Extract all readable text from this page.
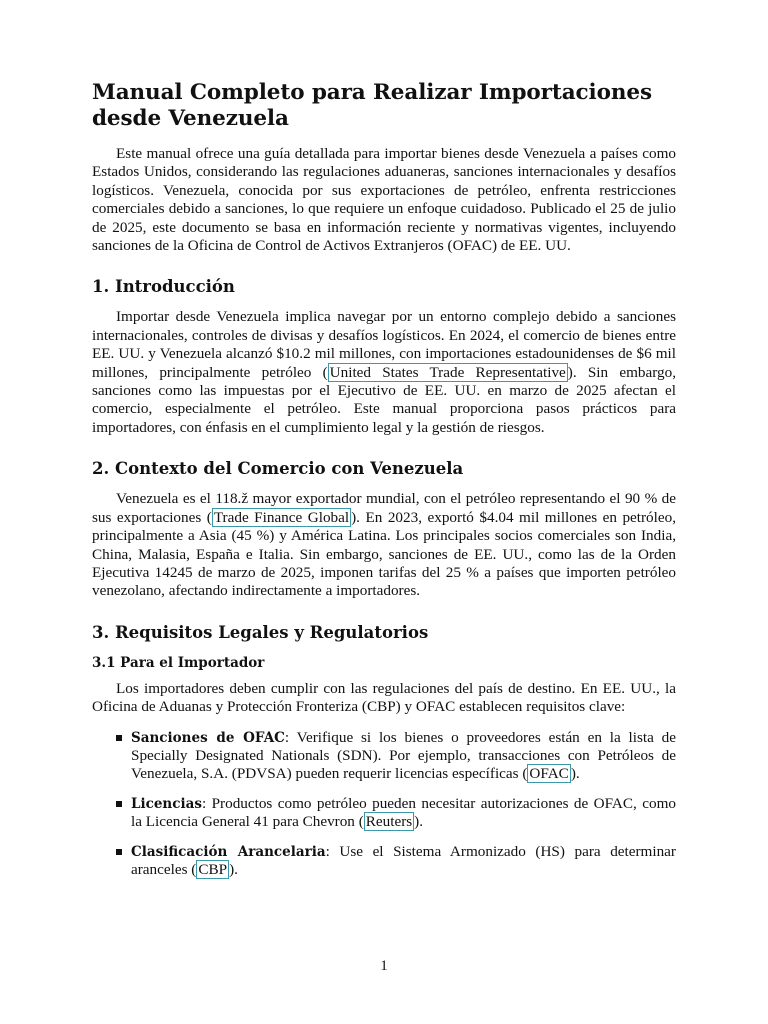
Manual Completo para Realizar Importaciones desde Venezuela

Este manual ofrece una guía detallada para importar bienes desde Venezuela a países como Estados Unidos, considerando las regulaciones aduaneras, sanciones internacionales y desafíos logísticos. Venezuela, conocida por sus exportaciones de petróleo, enfrenta restricciones comerciales debido a sanciones, lo que requiere un enfoque cuidadoso. Publicado el 25 de julio de 2025, este documento se basa en información reciente y normativas vigentes, incluyendo sanciones de la Oficina de Control de Activos Extranjeros (OFAC) de EE. UU.

1. Introducción

Importar desde Venezuela implica navegar por un entorno complejo debido a sanciones internacionales, controles de divisas y desafíos logísticos. En 2024, el comercio de bienes entre EE. UU. y Venezuela alcanzó $10.2 mil millones, con importaciones estadounidenses de $6 mil millones, principalmente petróleo ( United States Trade Representative ). Sin embargo, sanciones como las impuestas por el Ejecutivo de EE. UU. en marzo de 2025 afectan el comercio, especialmente el petróleo. Este manual proporciona pasos prácticos para importadores, con énfasis en el cumplimiento legal y la gestión de riesgos.

2. Contexto del Comercio con Venezuela

Venezuela es el 118.ž mayor exportador mundial, con el petróleo representando el 90 % de sus exportaciones ( Trade Finance Global ). En 2023, exportó $4.04 mil millones en petróleo, principalmente a Asia (45 %) y América Latina. Los principales socios comerciales son India, China, Malasia, España e Italia. Sin embargo, sanciones de EE. UU., como las de la Orden Ejecutiva 14245 de marzo de 2025, imponen tarifas del 25 % a países que importen petróleo venezolano, afectando indirectamente a importadores.

3. Requisitos Legales y Regulatorios
3.1 Para el Importador

Los importadores deben cumplir con las regulaciones del país de destino. En EE. UU., la Oficina de Aduanas y Protección Fronteriza (CBP) y OFAC establecen requisitos clave:

Sanciones de OFAC: Verifique si los bienes o proveedores están en la lista de Specially Designated Nationals (SDN). Por ejemplo, transacciones con Petróleos de Venezuela, S.A. (PDVSA) pueden requerir licencias específicas ( OFAC ).
Licencias: Productos como petróleo pueden necesitar autorizaciones de OFAC, como la Licencia General 41 para Chevron ( Reuters ).
Clasificación Arancelaria: Use el Sistema Armonizado (HS) para determinar aranceles ( CBP ).
1
